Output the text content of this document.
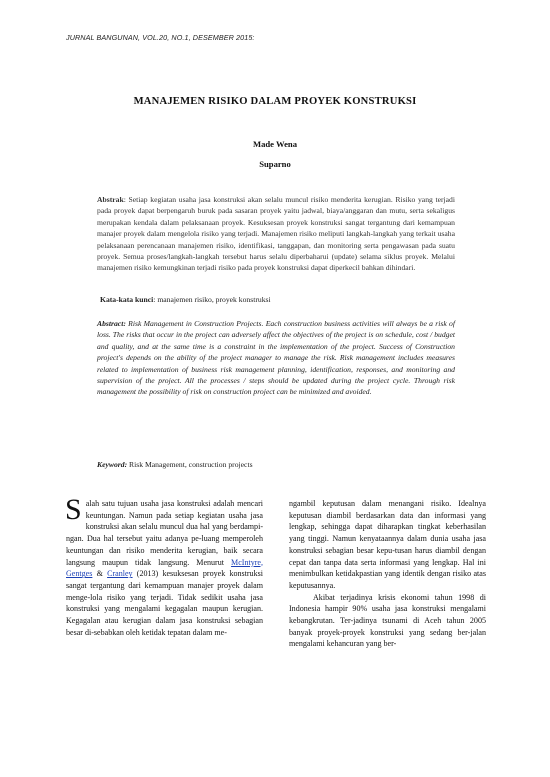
JURNAL BANGUNAN, VOL.20, NO.1, DESEMBER 2015:
MANAJEMEN RISIKO DALAM PROYEK KONSTRUKSI
Made Wena
Suparno

Abstrak: Setiap kegiatan usaha jasa konstruksi akan selalu muncul risiko menderita kerugian. Risiko yang terjadi pada proyek dapat berpengaruh buruk pada sasaran proyek yaitu jadwal, biaya/anggaran dan mutu, serta sekaligus merupakan kendala dalam pelaksanaan proyek. Kesuksesan proyek konstruksi sangat tergantung dari kemampuan manajer proyek dalam mengelola risiko yang terjadi. Manajemen risiko meliputi langkah-langkah yang terkait usaha pelaksanaan perencanaan manajemen risiko, identifikasi, tanggapan, dan monitoring serta pengawasan pada suatu proyek. Semua proses/langkah-langkah tersebut harus selalu diperbaharui (update) selama siklus proyek. Melalui manajemen risiko kemungkinan terjadi risiko pada proyek konstruksi dapat diperkecil bahkan dihindari.

Kata-kata kunci: manajemen risiko, proyek konstruksi

Abstract: Risk Management in Construction Projects. Each construction business activities will always be a risk of loss. The risks that occur in the project can adversely affect the objectives of the project is on schedule, cost / budget and quality, and at the same time is a constraint in the implementation of the project. Success of Construction project's depends on the ability of the project manager to manage the risk. Risk management includes measures related to implementation of business risk management planning, identification, responses, and monitoring and supervision of the project. All the processes / steps should be updated during the project cycle. Through risk management the possibility of risk on construction project can be minimized and avoided.

Keyword: Risk Management, construction projects

Salah satu tujuan usaha jasa konstruksi adalah mencari keuntungan. Namun pada setiap kegiatan usaha jasa konstruksi akan selalu muncul dua hal yang berdampi-ngan. Dua hal tersebut yaitu adanya pe-luang memperoleh keuntungan dan risiko menderita kerugian, baik secara langsung maupun tidak langsung. Menurut McIntyre, Gentges & Cranley (2013) kesuksesan proyek konstruksi sangat tergantung dari kemampuan manajer proyek dalam menge-lola risiko yang terjadi. Tidak sedikit usaha jasa konstruksi yang mengalami kegagalan maupun kerugian. Kegagalan atau kerugian dalam jasa konstruksi sebagian besar di-sebabkan oleh ketidak tepatan dalam me-

ngambil keputusan dalam menangani risiko. Idealnya keputusan diambil berdasarkan data dan informasi yang lengkap, sehingga dapat diharapkan tingkat keberhasilan yang tinggi. Namun kenyataannya dalam dunia usaha jasa konstruksi sebagian besar kepu-tusan harus diambil dengan cepat dan tanpa data serta informasi yang lengkap. Hal ini menimbulkan ketidakpastian yang identik dengan risiko atas keputusannya.

Akibat terjadinya krisis ekonomi tahun 1998 di Indonesia hampir 90% usaha jasa konstruksi mengalami kebangkrutan. Ter-jadinya tsunami di Aceh tahun 2005 banyak proyek-proyek konstruksi yang sedang ber-jalan mengalami kehancuran yang ber-
